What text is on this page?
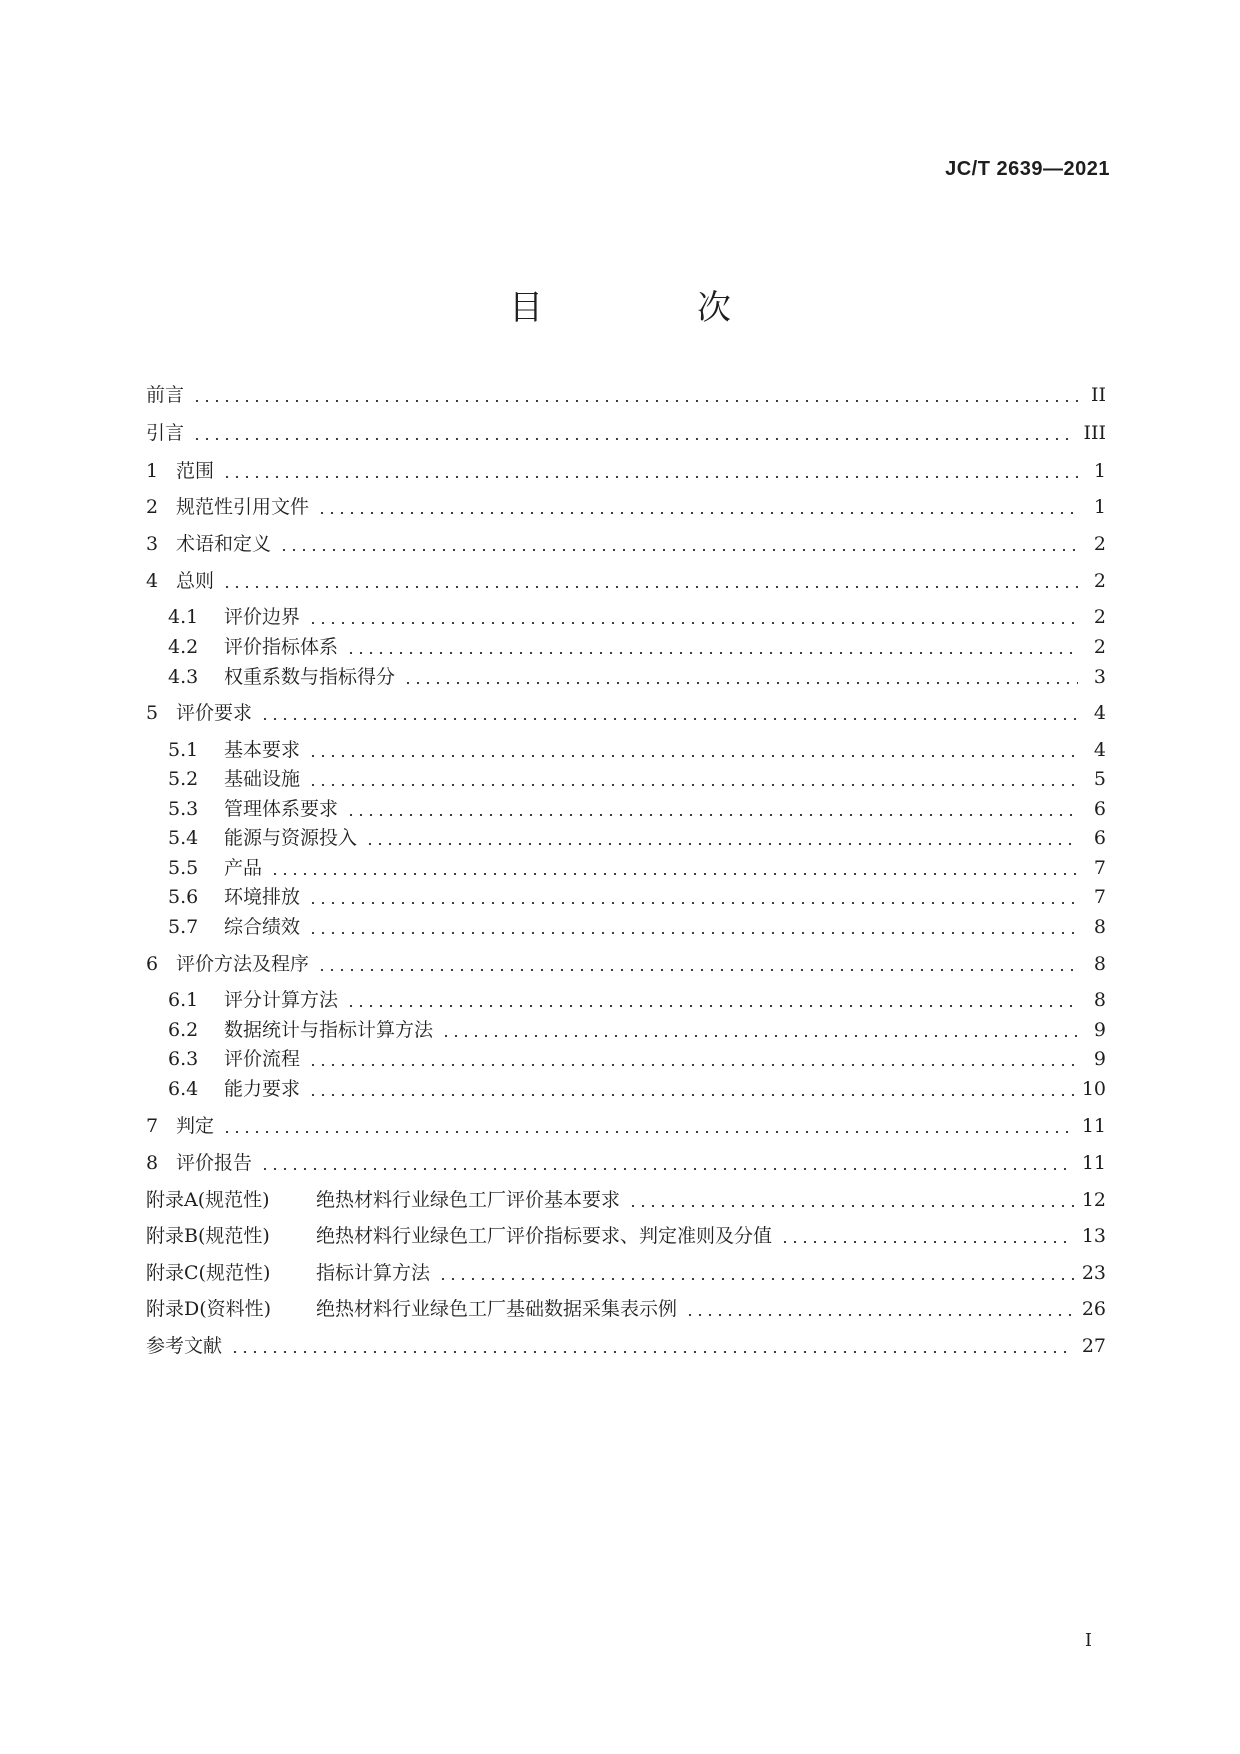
JC/T 2639—2021
目　次
前言	II
引言	III
1 范围	1
2 规范性引用文件	1
3 术语和定义	2
4 总则	2
4.1	评价边界	2
4.2	评价指标体系	2
4.3	权重系数与指标得分	3
5 评价要求	4
5.1	基本要求	4
5.2	基础设施	5
5.3	管理体系要求	6
5.4	能源与资源投入	6
5.5	产品	7
5.6	环境排放	7
5.7	综合绩效	8
6 评价方法及程序	8
6.1	评分计算方法	8
6.2	数据统计与指标计算方法	9
6.3	评价流程	9
6.4	能力要求	10
7 判定	11
8 评价报告	11
附录A(规范性)	绝热材料行业绿色工厂评价基本要求	12
附录B(规范性)	绝热材料行业绿色工厂评价指标要求、判定准则及分值	13
附录C(规范性)	指标计算方法	23
附录D(资料性)	绝热材料行业绿色工厂基础数据采集表示例	26
参考文献	27
I
